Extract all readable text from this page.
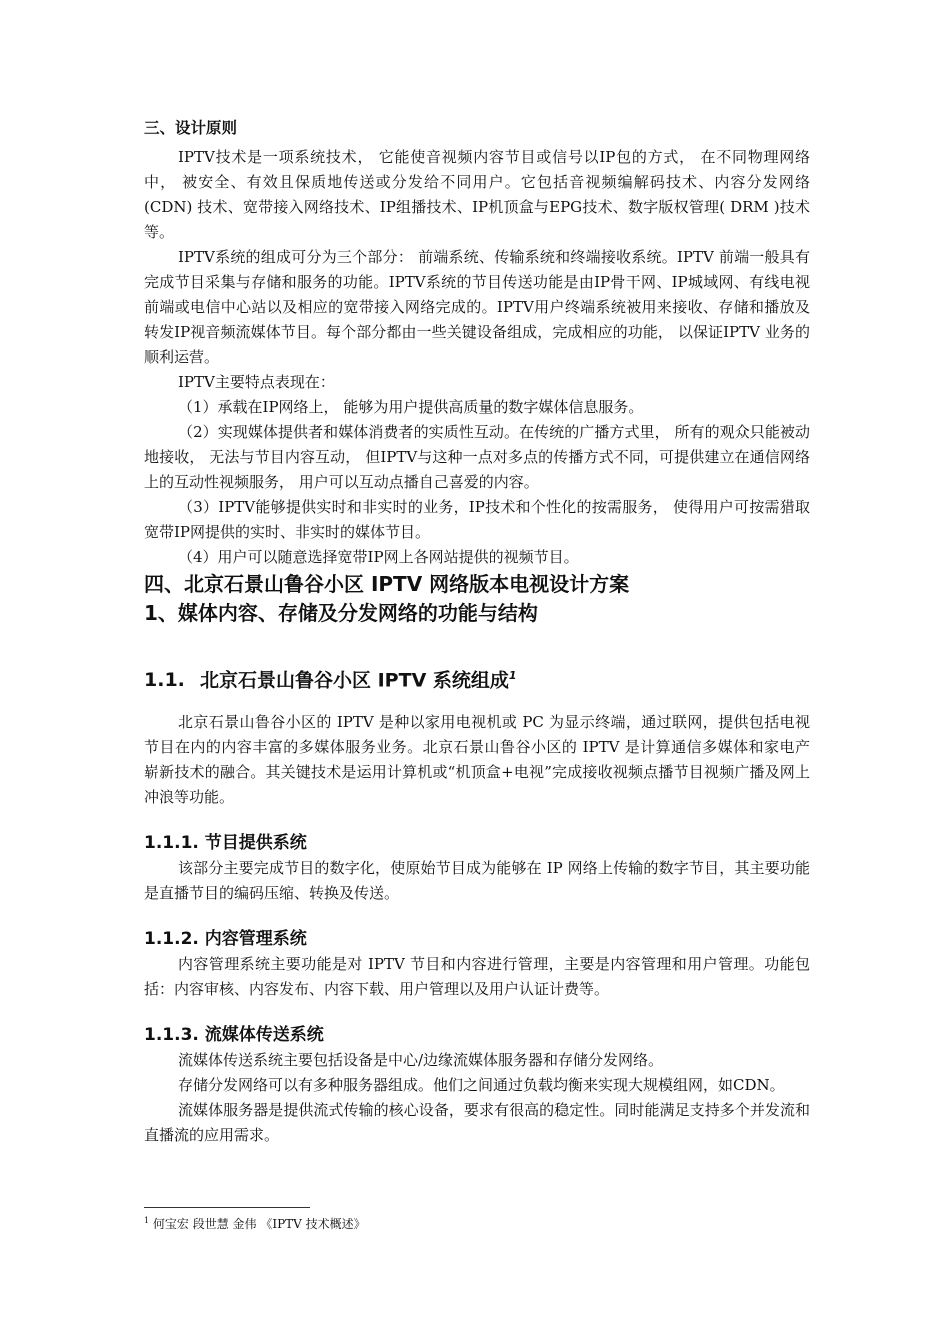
三、设计原则

IPTV技术是一项系统技术， 它能使音视频内容节目或信号以IP包的方式， 在不同物理网络中， 被安全、有效且保质地传送或分发给不同用户。它包括音视频编解码技术、内容分发网络(CDN) 技术、宽带接入网络技术、IP组播技术、IP机顶盒与EPG技术、数字版权管理( DRM )技术等。

IPTV系统的组成可分为三个部分： 前端系统、传输系统和终端接收系统。IPTV 前端一般具有完成节目采集与存储和服务的功能。IPTV系统的节目传送功能是由IP骨干网、IP城域网、有线电视前端或电信中心站以及相应的宽带接入网络完成的。IPTV用户终端系统被用来接收、存储和播放及转发IP视音频流媒体节目。每个部分都由一些关键设备组成，完成相应的功能， 以保证IPTV 业务的顺利运营。

IPTV主要特点表现在：

（1）承载在IP网络上， 能够为用户提供高质量的数字媒体信息服务。

（2）实现媒体提供者和媒体消费者的实质性互动。在传统的广播方式里， 所有的观众只能被动地接收， 无法与节目内容互动， 但IPTV与这种一点对多点的传播方式不同，可提供建立在通信网络上的互动性视频服务， 用户可以互动点播自己喜爱的内容。

（3）IPTV能够提供实时和非实时的业务，IP技术和个性化的按需服务， 使得用户可按需猎取宽带IP网提供的实时、非实时的媒体节目。

（4）用户可以随意选择宽带IP网上各网站提供的视频节目。

四、北京石景山鲁谷小区 IPTV 网络版本电视设计方案
1、媒体内容、存储及分发网络的功能与结构
1.1. 北京石景山鲁谷小区 IPTV 系统组成$^1$

北京石景山鲁谷小区的 IPTV 是种以家用电视机或 PC 为显示终端，通过联网，提供包括电视节目在内的内容丰富的多媒体服务业务。北京石景山鲁谷小区的 IPTV 是计算通信多媒体和家电产 崭新技术的融合。其关键技术是运用计算机或“机顶盒+电视”完成接收视频点播节目视频广播及网上冲浪等功能。

1.1.1. 节目提供系统

该部分主要完成节目的数字化，使原始节目成为能够在 IP 网络上传输的数字节目，其主要功能是直播节目的编码压缩、转换及传送。

1.1.2. 内容管理系统

内容管理系统主要功能是对 IPTV 节目和内容进行管理，主要是内容管理和用户管理。功能包括：内容审核、内容发布、内容下载、用户管理以及用户认证计费等。

1.1.3. 流媒体传送系统

流媒体传送系统主要包括设备是中心/边缘流媒体服务器和存储分发网络。

存储分发网络可以有多种服务器组成。他们之间通过负载均衡来实现大规模组网，如CDN。

流媒体服务器是提供流式传输的核心设备，要求有很高的稳定性。同时能满足支持多个并发流和直播流的应用需求。

$^1$ 何宝宏 段世慧 金伟 《IPTV 技术概述》
